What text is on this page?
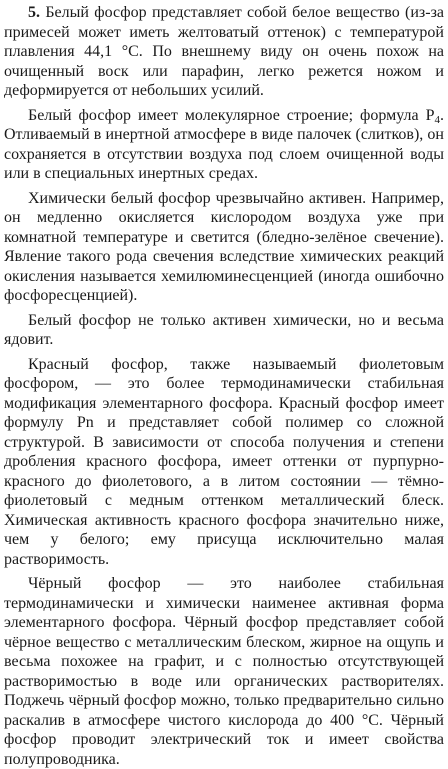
5. Белый фосфор представляет собой белое вещество (из-за примесей может иметь желтоватый оттенок) с температурой плавления 44,1 °С. По внешнему виду он очень похож на очищенный воск или парафин, легко режется ножом и деформируется от небольших усилий.

Белый фосфор имеет молекулярное строение; формула $Р_4$. Отливаемый в инертной атмосфере в виде палочек (слитков), он сохраняется в отсутствии воздуха под слоем очищенной воды или в специальных инертных средах.

Химически белый фосфор чрезвычайно активен. Например, он медленно окисляется кислородом воздуха уже при комнатной температуре и светится (бледно-зелёное свечение). Явление такого рода свечения вследствие химических реакций окисления называется хемилюминесценцией (иногда ошибочно фосфоресценцией).

Белый фосфор не только активен химически, но и весьма ядовит.

Красный фосфор, также называемый фиолетовым фосфором, — это более термодинамически стабильная модификация элементарного фосфора. Красный фосфор имеет формулу Рn и представляет собой полимер со сложной структурой. В зависимости от способа получения и степени дробления красного фосфора, имеет оттенки от пурпурно-красного до фиолетового, а в литом состоянии — тёмно-фиолетовый с медным оттенком металлический блеск. Химическая активность красного фосфора значительно ниже, чем у белого; ему присуща исключительно малая растворимость.

Чёрный фосфор — это наиболее стабильная термодинамически и химически наименее активная форма элементарного фосфора. Чёрный фосфор представляет собой чёрное вещество с металлическим блеском, жирное на ощупь и весьма похожее на графит, и с полностью отсутствующей растворимостью в воде или органических растворителях. Поджечь чёрный фосфор можно, только предварительно сильно раскалив в атмосфере чистого кислорода до 400 °С. Чёрный фосфор проводит электрический ток и имеет свойства полупроводника.
